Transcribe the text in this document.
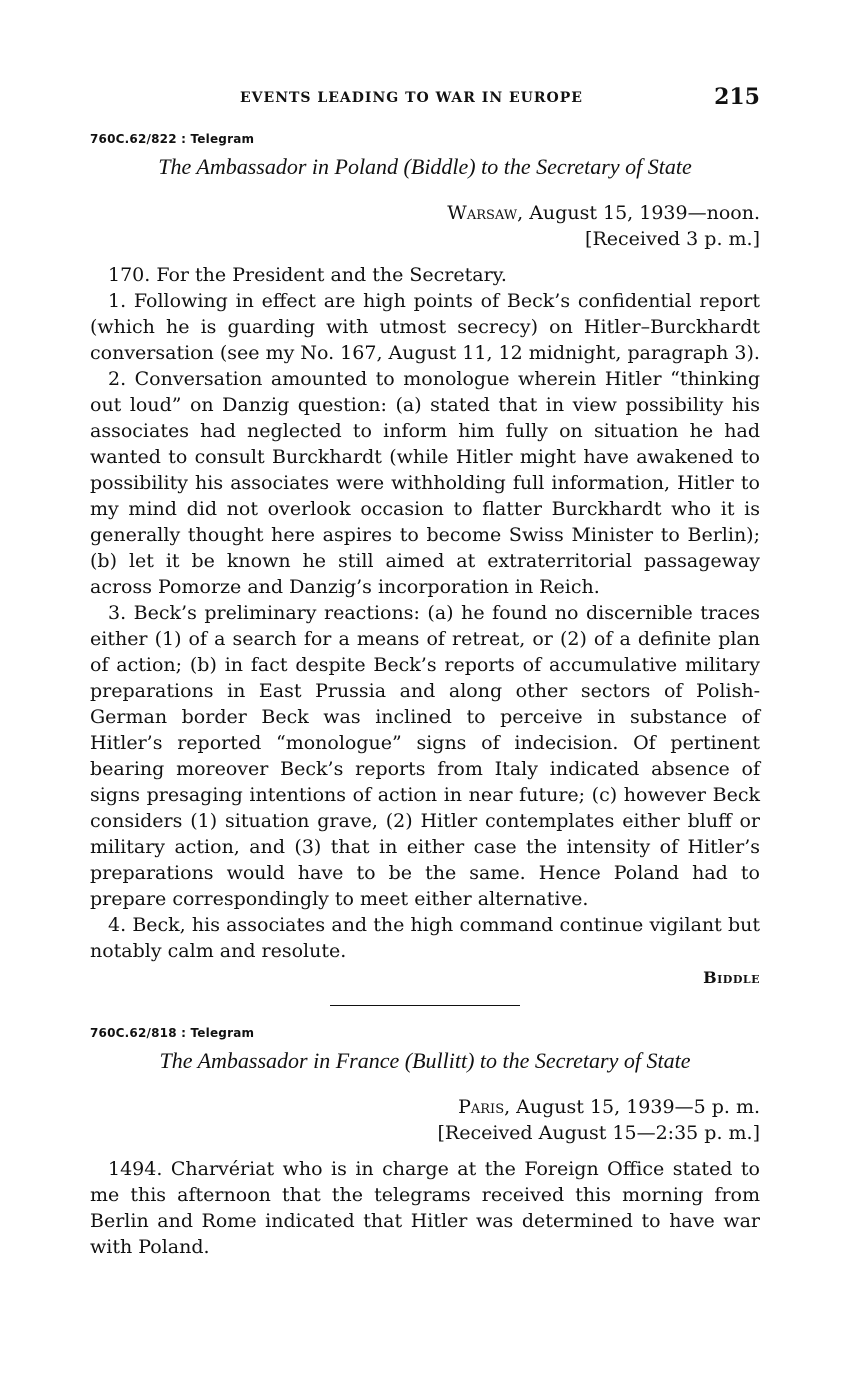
EVENTS LEADING TO WAR IN EUROPE	215
760C.62/822 : Telegram
The Ambassador in Poland (Biddle) to the Secretary of State
Warsaw, August 15, 1939—noon.
[Received 3 p. m.]

170. For the President and the Secretary.

1. Following in effect are high points of Beck’s confidential report (which he is guarding with utmost secrecy) on Hitler–Burckhardt conversation (see my No. 167, August 11, 12 midnight, paragraph 3).

2. Conversation amounted to monologue wherein Hitler “thinking out loud” on Danzig question: (a) stated that in view possibility his associates had neglected to inform him fully on situation he had wanted to consult Burckhardt (while Hitler might have awakened to possibility his associates were withholding full information, Hitler to my mind did not overlook occasion to flatter Burckhardt who it is generally thought here aspires to become Swiss Minister to Berlin); (b) let it be known he still aimed at extraterritorial passageway across Pomorze and Danzig’s incorporation in Reich.

3. Beck’s preliminary reactions: (a) he found no discernible traces either (1) of a search for a means of retreat, or (2) of a definite plan of action; (b) in fact despite Beck’s reports of accumulative military preparations in East Prussia and along other sectors of Polish-German border Beck was inclined to perceive in substance of Hitler’s reported “monologue” signs of indecision. Of pertinent bearing moreover Beck’s reports from Italy indicated absence of signs presaging intentions of action in near future; (c) however Beck considers (1) situation grave, (2) Hitler contemplates either bluff or military action, and (3) that in either case the intensity of Hitler’s preparations would have to be the same. Hence Poland had to prepare correspondingly to meet either alternative.

4. Beck, his associates and the high command continue vigilant but notably calm and resolute.

Biddle
760C.62/818 : Telegram
The Ambassador in France (Bullitt) to the Secretary of State
Paris, August 15, 1939—5 p. m.
[Received August 15—2:35 p. m.]

1494. Charvériat who is in charge at the Foreign Office stated to me this afternoon that the telegrams received this morning from Berlin and Rome indicated that Hitler was determined to have war with Poland.
